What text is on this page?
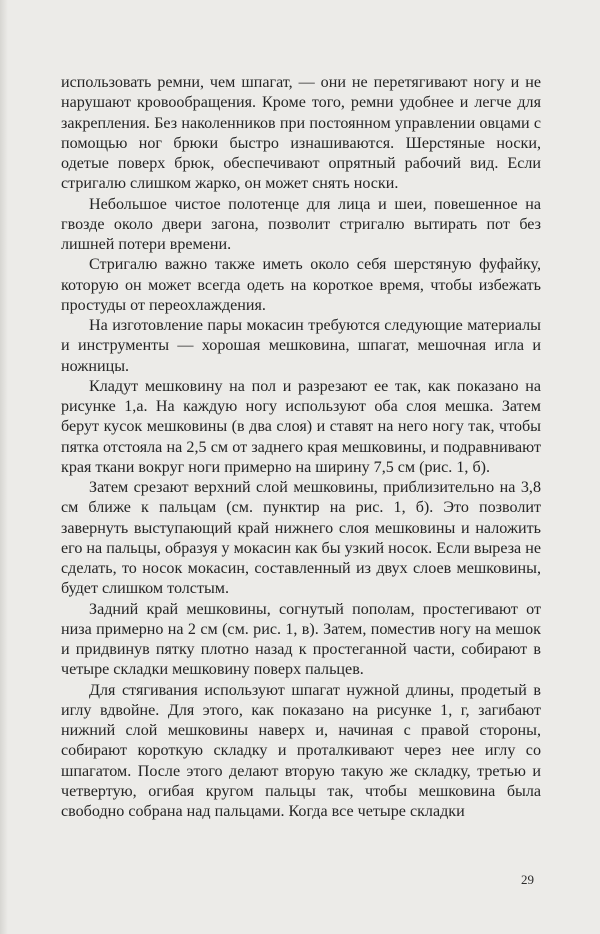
использовать ремни, чем шпагат, — они не перетягивают ногу и не нарушают кровообращения. Кроме того, ремни удобнее и легче для закрепления. Без наколенников при постоянном управлении овцами с помощью ног брюки быстро изнашиваются. Шерстяные носки, одетые поверх брюк, обеспечивают опрятный рабочий вид. Если стригалю слишком жарко, он может снять носки.

Небольшое чистое полотенце для лица и шеи, повешенное на гвозде около двери загона, позволит стригалю вытирать пот без лишней потери времени.

Стригалю важно также иметь около себя шерстяную фуфайку, которую он может всегда одеть на короткое время, чтобы избежать простуды от переохлаждения.

На изготовление пары мокасин требуются следующие материалы и инструменты — хорошая мешковина, шпагат, мешочная игла и ножницы.

Кладут мешковину на пол и разрезают ее так, как показано на рисунке 1,а. На каждую ногу используют оба слоя мешка. Затем берут кусок мешковины (в два слоя) и ставят на него ногу так, чтобы пятка отстояла на 2,5 см от заднего края мешковины, и подравнивают края ткани вокруг ноги примерно на ширину 7,5 см (рис. 1, б).

Затем срезают верхний слой мешковины, приблизительно на 3,8 см ближе к пальцам (см. пунктир на рис. 1, б). Это позволит завернуть выступающий край нижнего слоя мешковины и наложить его на пальцы, образуя у мокасин как бы узкий носок. Если выреза не сделать, то носок мокасин, составленный из двух слоев мешковины, будет слишком толстым.

Задний край мешковины, согнутый пополам, простегивают от низа примерно на 2 см (см. рис. 1, в). Затем, поместив ногу на мешок и придвинув пятку плотно назад к простеганной части, собирают в четыре складки мешковину поверх пальцев.

Для стягивания используют шпагат нужной длины, продетый в иглу вдвойне. Для этого, как показано на рисунке 1, г, загибают нижний слой мешковины наверх и, начиная с правой стороны, собирают короткую складку и проталкивают через нее иглу со шпагатом. После этого делают вторую такую же складку, третью и четвертую, огибая кругом пальцы так, чтобы мешковина была свободно собрана над пальцами. Когда все четыре складки

29
